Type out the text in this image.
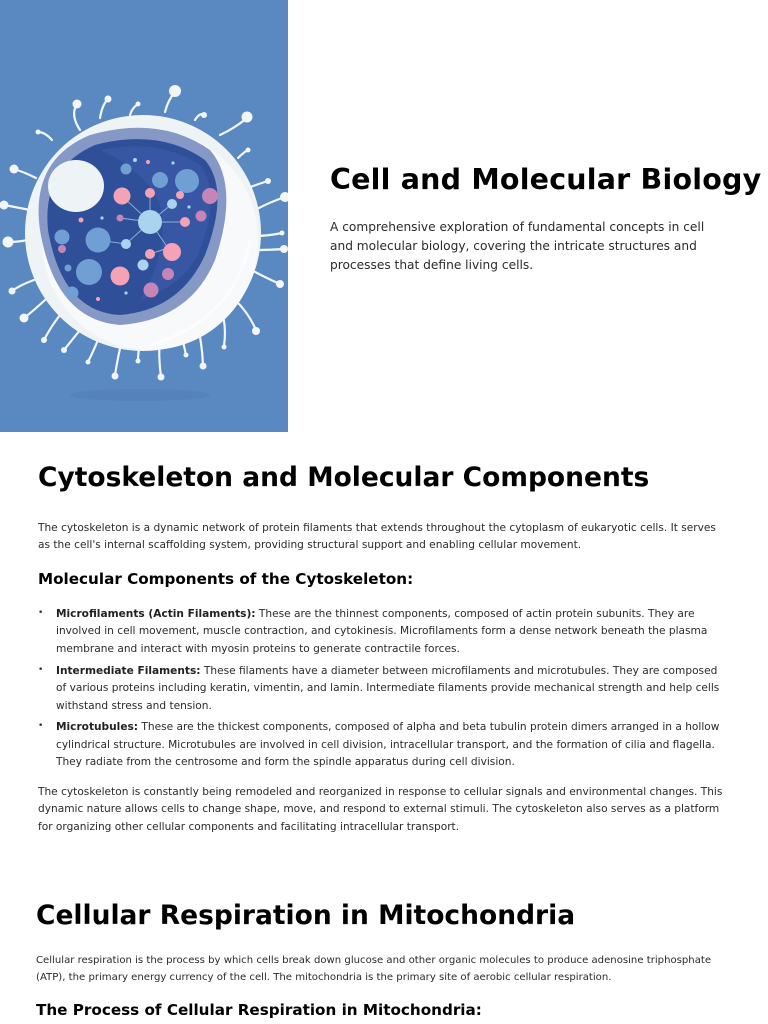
Cell and Molecular Biology

A comprehensive exploration of fundamental concepts in cell and molecular biology, covering the intricate structures and processes that define living cells.

Cytoskeleton and Molecular Components

The cytoskeleton is a dynamic network of protein filaments that extends throughout the cytoplasm of eukaryotic cells. It serves as the cell's internal scaffolding system, providing structural support and enabling cellular movement.

Molecular Components of the Cytoskeleton:
• Microfilaments (Actin Filaments): These are the thinnest components, composed of actin protein subunits. They are involved in cell movement, muscle contraction, and cytokinesis. Microfilaments form a dense network beneath the plasma membrane and interact with myosin proteins to generate contractile forces.
• Intermediate Filaments: These filaments have a diameter between microfilaments and microtubules. They are composed of various proteins including keratin, vimentin, and lamin. Intermediate filaments provide mechanical strength and help cells withstand stress and tension.
• Microtubules: These are the thickest components, composed of alpha and beta tubulin protein dimers arranged in a hollow cylindrical structure. Microtubules are involved in cell division, intracellular transport, and the formation of cilia and flagella. They radiate from the centrosome and form the spindle apparatus during cell division.

The cytoskeleton is constantly being remodeled and reorganized in response to cellular signals and environmental changes. This dynamic nature allows cells to change shape, move, and respond to external stimuli. The cytoskeleton also serves as a platform for organizing other cellular components and facilitating intracellular transport.

Cellular Respiration in Mitochondria

Cellular respiration is the process by which cells break down glucose and other organic molecules to produce adenosine triphosphate (ATP), the primary energy currency of the cell. The mitochondria is the primary site of aerobic cellular respiration.

The Process of Cellular Respiration in Mitochondria:
